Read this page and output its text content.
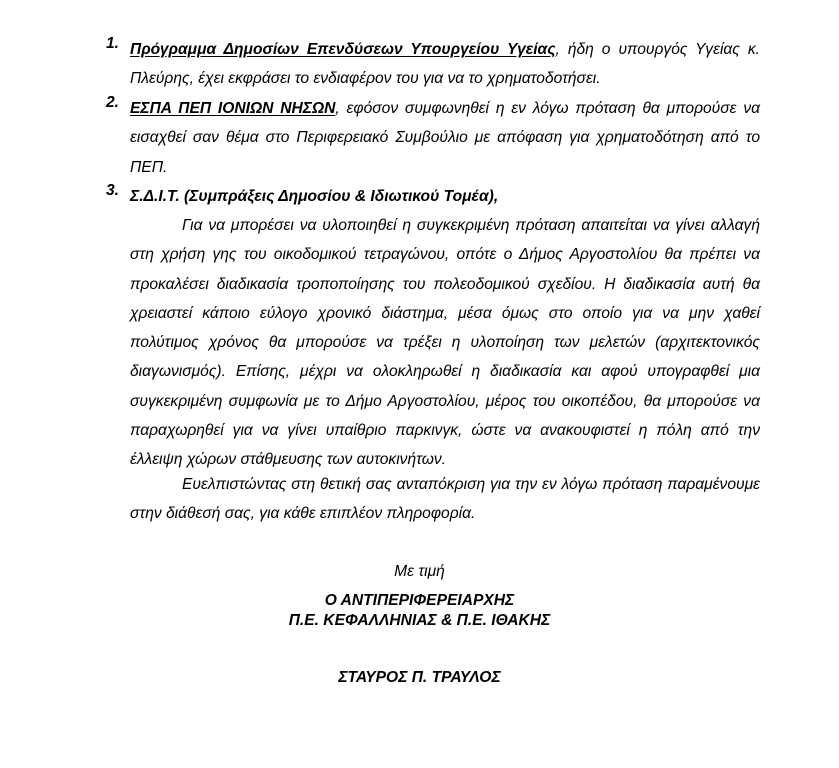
1. Πρόγραμμα Δημοσίων Επενδύσεων Υπουργείου Υγείας, ήδη ο υπουργός Υγείας κ. Πλεύρης, έχει εκφράσει το ενδιαφέρον του για να το χρηματοδοτήσει.
2. ΕΣΠΑ ΠΕΠ ΙΟΝΙΩΝ ΝΗΣΩΝ, εφόσον συμφωνηθεί η εν λόγω πρόταση θα μπορούσε να εισαχθεί σαν θέμα στο Περιφερειακό Συμβούλιο με απόφαση για χρηματοδότηση από το ΠΕΠ.
3. Σ.Δ.Ι.Τ. (Συμπράξεις Δημοσίου & Ιδιωτικού Τομέα),
Για να μπορέσει να υλοποιηθεί η συγκεκριμένη πρόταση απαιτείται να γίνει αλλαγή στη χρήση γης του οικοδομικού τετραγώνου, οπότε ο Δήμος Αργοστολίου θα πρέπει να προκαλέσει διαδικασία τροποποίησης του πολεοδομικού σχεδίου. Η διαδικασία αυτή θα χρειαστεί κάποιο εύλογο χρονικό διάστημα, μέσα όμως στο οποίο για να μην χαθεί πολύτιμος χρόνος θα μπορούσε να τρέξει η υλοποίηση των μελετών (αρχιτεκτονικός διαγωνισμός). Επίσης, μέχρι να ολοκληρωθεί η διαδικασία και αφού υπογραφθεί μια συγκεκριμένη συμφωνία με το Δήμο Αργοστολίου, μέρος του οικοπέδου, θα μπορούσε να παραχωρηθεί για να γίνει υπαίθριο παρκινγκ, ώστε να ανακουφιστεί η πόλη από την έλλειψη χώρων στάθμευσης των αυτοκινήτων.
Ευελπιστώντας στη θετική σας ανταπόκριση για την εν λόγω πρόταση παραμένουμε στην διάθεσή σας, για κάθε επιπλέον πληροφορία.
Με τιμή
Ο ΑΝΤΙΠΕΡΙΦΕΡΕΙΑΡΧΗΣ
Π.Ε. ΚΕΦΑΛΛΗΝΙΑΣ & Π.Ε. ΙΘΑΚΗΣ
ΣΤΑΥΡΟΣ Π. ΤΡΑΥΛΟΣ
